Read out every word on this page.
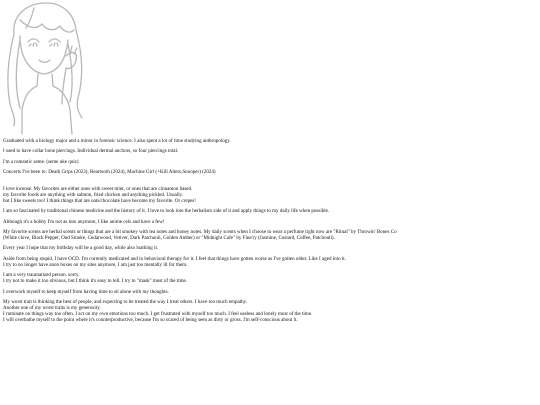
Graduated with a biology major and a minor in forensic science. I also spent a lot of time studying anthropology.
I used to have collar bone piercings. Individual dermal anchors, so four piercings total.
I'm a romantic seme. (seme uke quiz)
Concerts I've been to: Death Grips (2023), Beartooth (2024), Machine Girl (+Kill Alters,Snooper) (2024)
I love incense. My favorites are either ones with sweet mint, or ones that are cinnamon based.
my favorite foods are anything with salmon, fried chicken and anything pickled. Usually.
but I like sweets too! I think things that are oats/chocolate have become my favorite. Or crepes!
I am so fascinated by traditional chinese medicine and the history of it. I love to look into the herbalism side of it and apply things to my daily life when possible.
Although it's a hobby I'm not as into anymore, I like anime cels and have a few!
My favorite scents are herbal scents or things that are a bit smokey with tea notes and honey notes. My daily scents when I choose to wear a perfume right now are "Ritual" by Throwin' Bones Co
(White clove, Black Pepper, Oud Smoke, Cedarwood, Vetiver, Dark Patchouli, Golden Amber) or "Midnight Cafe" by Fine'ry (Jasmine, Custard, Coffee, Patchouli).
Every year I hope that my birthday will be a good day, while also loathing it.
Aside from being stupid, I have OCD. I'm currently medicated and in behavioral therapy for it. I feel that things have gotten worse as I've gotten older. Like I aged into it.
I try to no longer have anon boxes on my sites anymore, I am just too mentally ill for them.
I am a very traumatized person. sorry.
I try not to make it too obvious, but I think it's easy to tell. I try to "mask" most of the time.
I overwork myself to keep myself from having time to sit alone with my thoughts.
My worst trait is thinking the best of people, and expecting to be treated the way I treat others. I have too much empathy.
Another one of my worst traits is my generosity.
I ruminate on things way too often. I act on my own emotions too much. I get frustrated with myself too much. I feel useless and lonely most of the time.
I will overbathe myself to the point where it's counterproductive, because I'm so scared of being seen as dirty or gross. I'm self-conscious about it.
